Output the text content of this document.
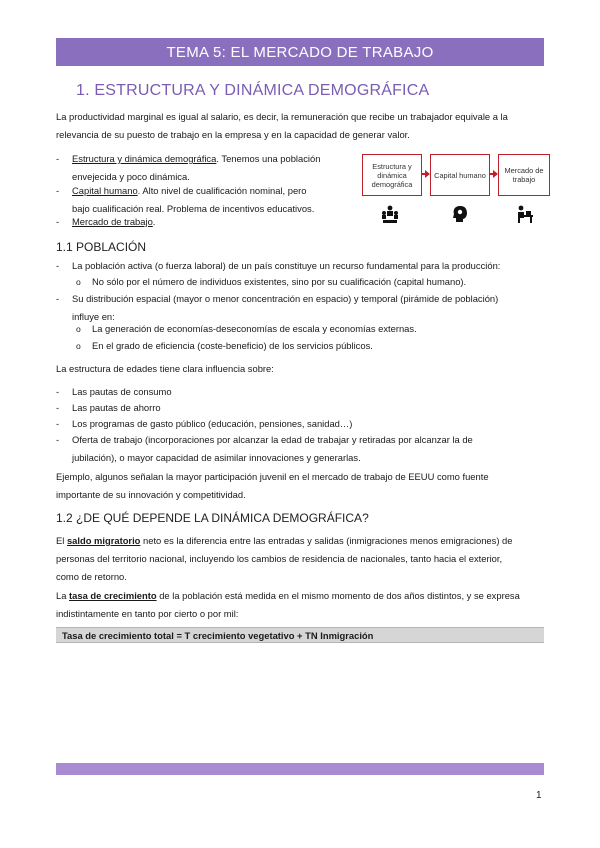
TEMA 5: EL MERCADO DE TRABAJO
1. ESTRUCTURA Y DINÁMICA DEMOGRÁFICA

La productividad marginal es igual al salario, es decir, la remuneración que recibe un trabajador equivale a la
relevancia de su puesto de trabajo en la empresa y en la capacidad de generar valor.

- Estructura y dinámica demográfica. Tenemos una población
envejecida y poco dinámica.
- Capital humano. Alto nivel de cualificación nominal, pero
bajo cualificación real. Problema de incentivos educativos.
- Mercado de trabajo.
Estructura y dinámica demográfica
Capital humano	Mercado de trabajo
1.1 POBLACIÓN
- La población activa (o fuerza laboral) de un país constituye un recurso fundamental para la producción:
o No sólo por el número de individuos existentes, sino por su cualificación (capital humano).
- Su distribución espacial (mayor o menor concentración en espacio) y temporal (pirámide de población)
influye en:
o La generación de economías-deseconomías de escala y economías externas.
o En el grado de eficiencia (coste-beneficio) de los servicios públicos.
La estructura de edades tiene clara influencia sobre:
- Las pautas de consumo
- Las pautas de ahorro
- Los programas de gasto público (educación, pensiones, sanidad…)
- Oferta de trabajo (incorporaciones por alcanzar la edad de trabajar y retiradas por alcanzar la de
jubilación), o mayor capacidad de asimilar innovaciones y generarlas.

Ejemplo, algunos señalan la mayor participación juvenil en el mercado de trabajo de EEUU como fuente
importante de su innovación y competitividad.

1.2 ¿DE QUÉ DEPENDE LA DINÁMICA DEMOGRÁFICA?

El saldo migratorio neto es la diferencia entre las entradas y salidas (inmigraciones menos emigraciones) de
personas del territorio nacional, incluyendo los cambios de residencia de nacionales, tanto hacia el exterior,
como de retorno.

La tasa de crecimiento de la población está medida en el mismo momento de dos años distintos, y se expresa
indistintamente en tanto por cierto o por mil:

Tasa de crecimiento total = T crecimiento vegetativo + TN Inmigración
1
